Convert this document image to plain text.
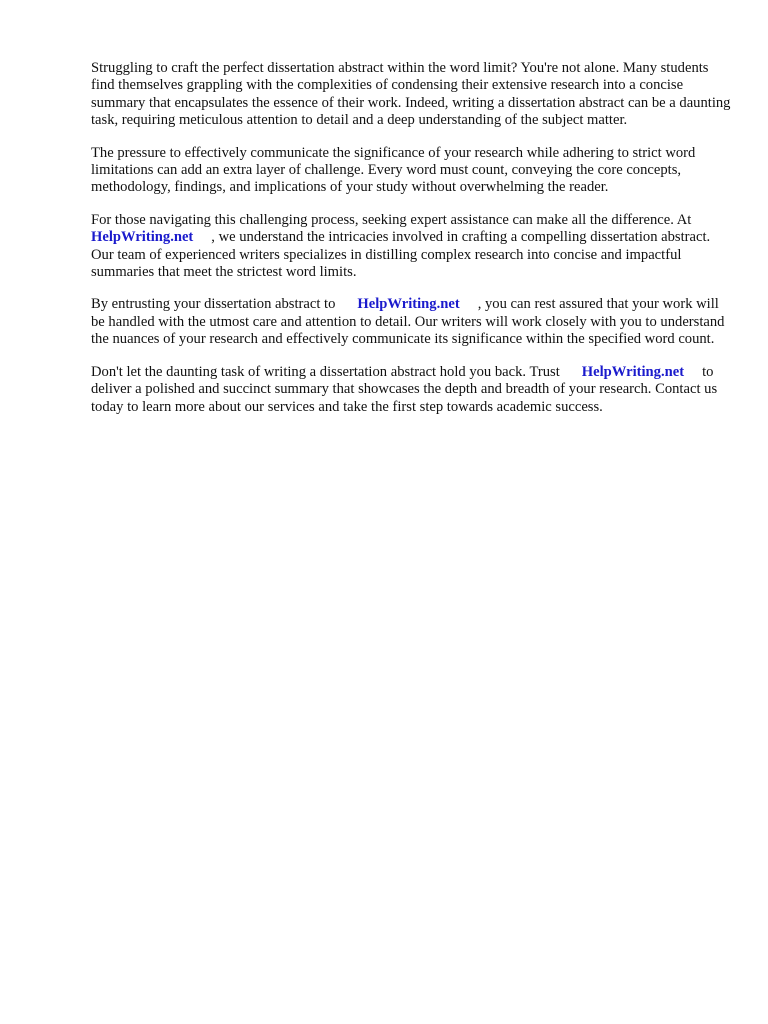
Struggling to craft the perfect dissertation abstract within the word limit? You're not alone. Many students find themselves grappling with the complexities of condensing their extensive research into a concise summary that encapsulates the essence of their work. Indeed, writing a dissertation abstract can be a daunting task, requiring meticulous attention to detail and a deep understanding of the subject matter.

The pressure to effectively communicate the significance of your research while adhering to strict word limitations can add an extra layer of challenge. Every word must count, conveying the core concepts, methodology, findings, and implications of your study without overwhelming the reader.

For those navigating this challenging process, seeking expert assistance can make all the difference. AtHelpWriting.net , we understand the intricacies involved in crafting a compelling dissertation abstract. Our team of experienced writers specializes in distilling complex research into concise and impactful summaries that meet the strictest word limits.

By entrusting your dissertation abstract to HelpWriting.net , you can rest assured that your work will be handled with the utmost care and attention to detail. Our writers will work closely with you to understand the nuances of your research and effectively communicate its significance within the specified word count.

Don't let the daunting task of writing a dissertation abstract hold you back. Trust HelpWriting.net to deliver a polished and succinct summary that showcases the depth and breadth of your research. Contact us today to learn more about our services and take the first step towards academic success.
